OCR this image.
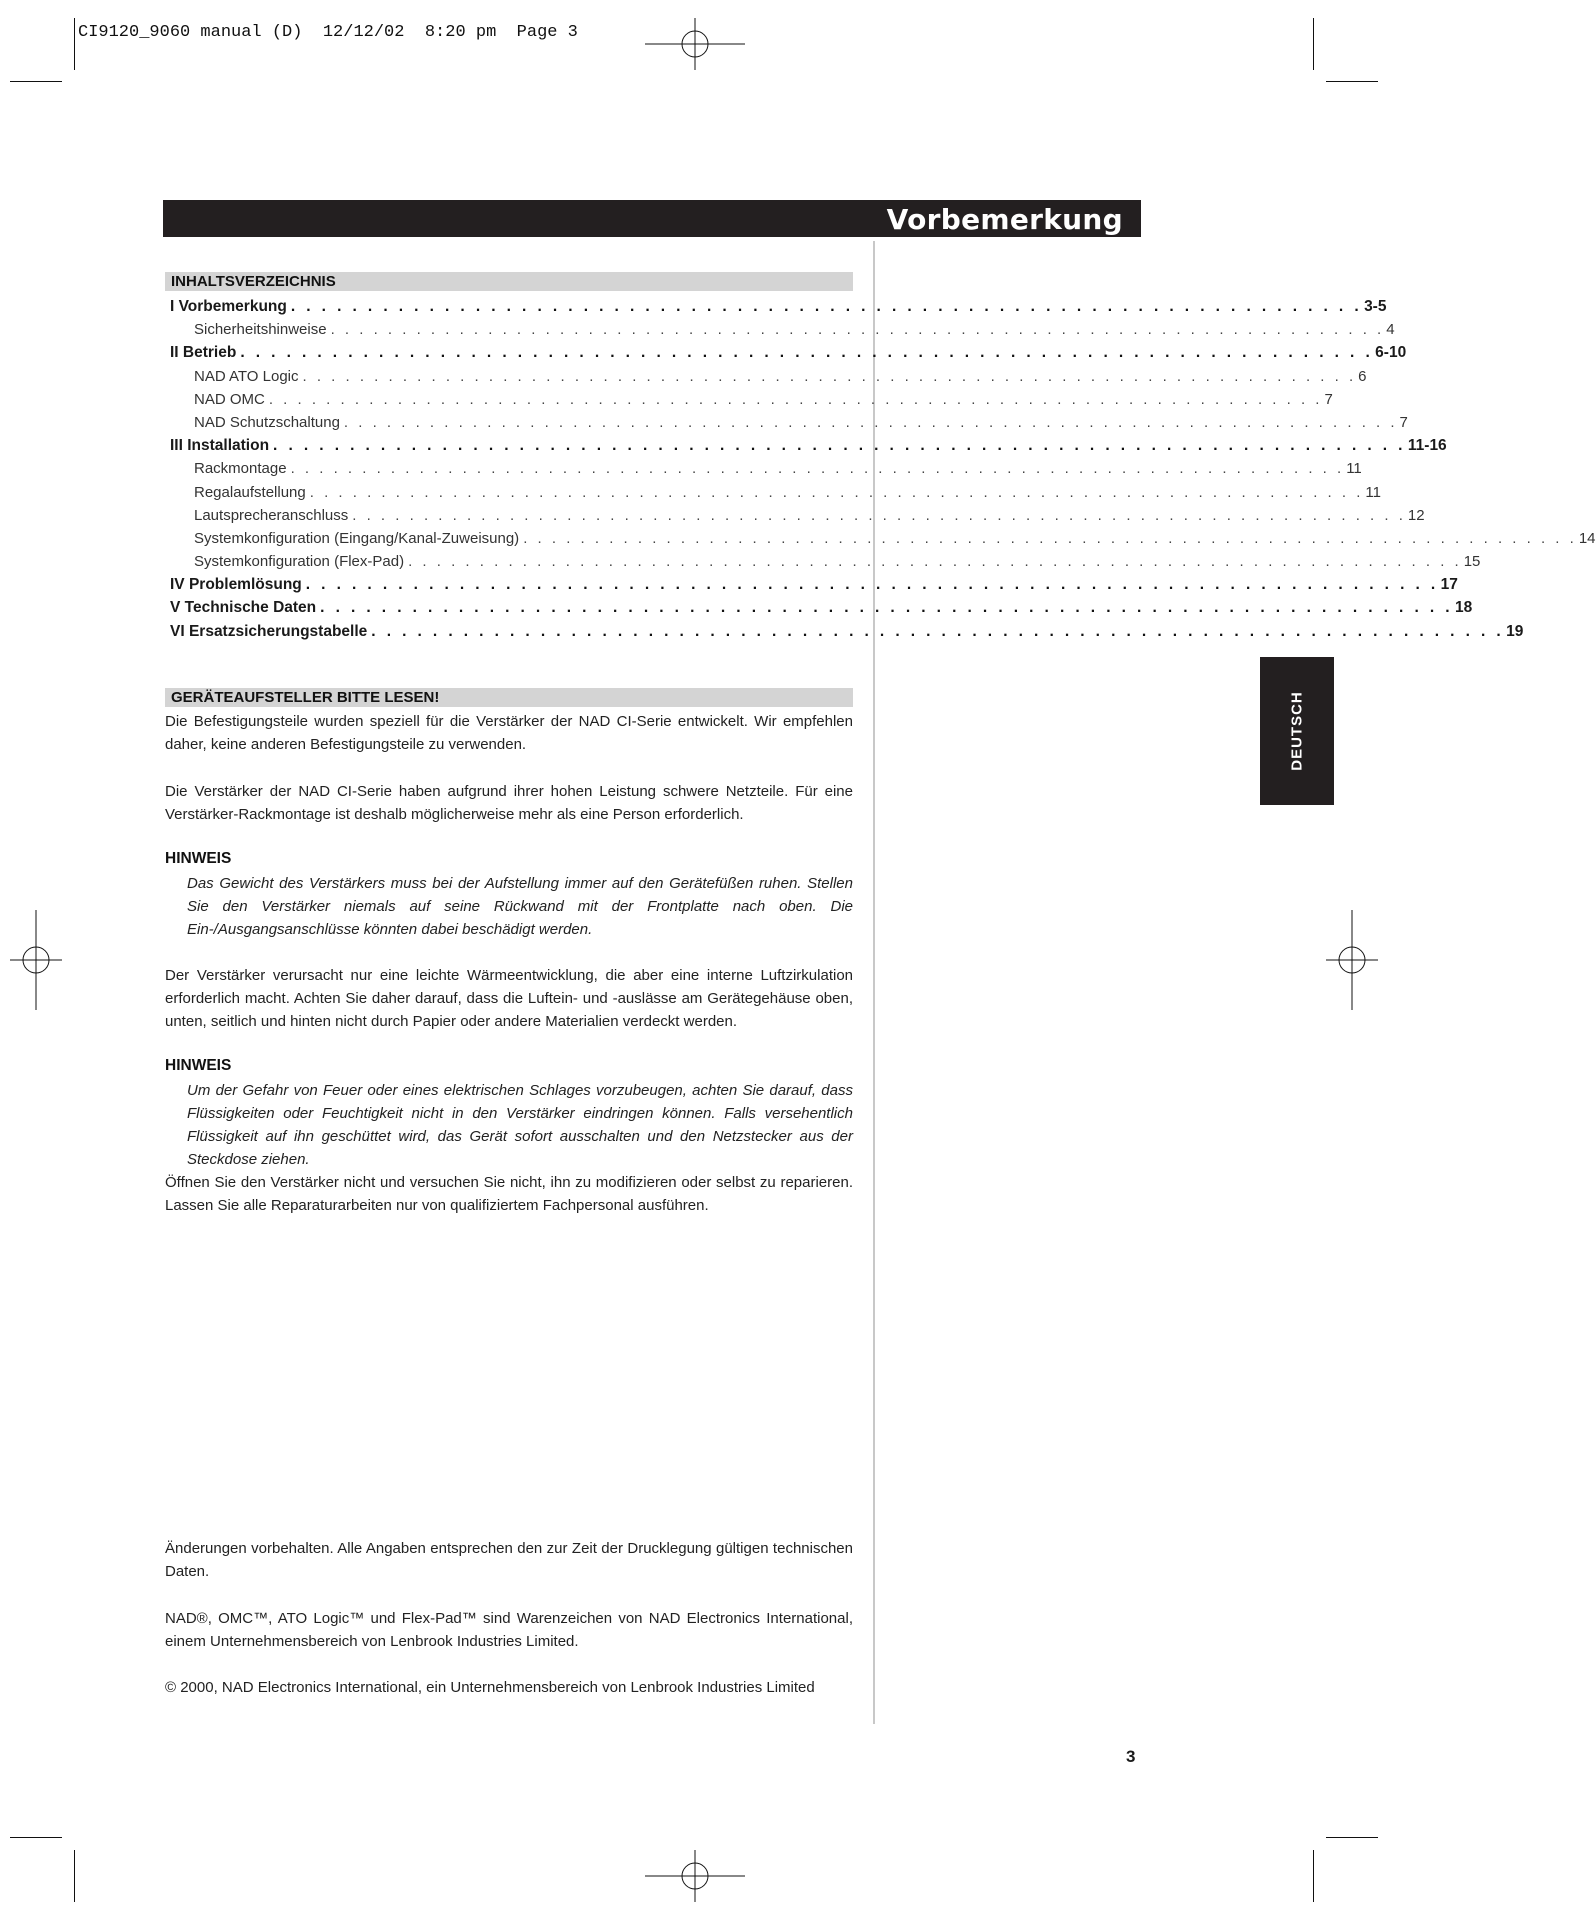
CI9120_9060 manual (D)  12/12/02  8:20 pm  Page 3
Vorbemerkung
INHALTSVERZEICHNIS
I Vorbemerkung . . . . . . . . . . . . . . . . . . . . . . . . . . . . . . . . . . . . . . . . . . . . . . . . . . . . . . . . . . . . . . . . . . . . . . 3-5
Sicherheitshinweise . . . . . . . . . . . . . . . . . . . . . . . . . . . . . . . . . . . . . . . . . . . . . . . . . . . . . . . . . . . . . . . . . . . . . . . . . . 4
II Betrieb . . . . . . . . . . . . . . . . . . . . . . . . . . . . . . . . . . . . . . . . . . . . . . . . . . . . . . . . . . . . . . . . . . . . . . . . . . 6-10
NAD ATO Logic . . . . . . . . . . . . . . . . . . . . . . . . . . . . . . . . . . . . . . . . . . . . . . . . . . . . . . . . . . . . . . . . . . . . . . . . . . 6
NAD OMC . . . . . . . . . . . . . . . . . . . . . . . . . . . . . . . . . . . . . . . . . . . . . . . . . . . . . . . . . . . . . . . . . . . . . . . . . . 7
NAD Schutzschaltung . . . . . . . . . . . . . . . . . . . . . . . . . . . . . . . . . . . . . . . . . . . . . . . . . . . . . . . . . . . . . . . . . . . . . . . . . . 7
III Installation . . . . . . . . . . . . . . . . . . . . . . . . . . . . . . . . . . . . . . . . . . . . . . . . . . . . . . . . . . . . . . . . . . . . . . . . . . 11-16
Rackmontage . . . . . . . . . . . . . . . . . . . . . . . . . . . . . . . . . . . . . . . . . . . . . . . . . . . . . . . . . . . . . . . . . . . . . . . . . . 11
Regalaufstellung . . . . . . . . . . . . . . . . . . . . . . . . . . . . . . . . . . . . . . . . . . . . . . . . . . . . . . . . . . . . . . . . . . . . . . . . . . 11
Lautsprecheranschluss . . . . . . . . . . . . . . . . . . . . . . . . . . . . . . . . . . . . . . . . . . . . . . . . . . . . . . . . . . . . . . . . . . . . . . . . . . 12
Systemkonfiguration (Eingang/Kanal-Zuweisung) . . . . . . . . . . . . . . . . . . . . . . . . . . . . . . . . . . . . . . . . . . . . . . . . . . . . . . . . . . . . . . . . . . . . . . . . . . 14
Systemkonfiguration (Flex-Pad) . . . . . . . . . . . . . . . . . . . . . . . . . . . . . . . . . . . . . . . . . . . . . . . . . . . . . . . . . . . . . . . . . . . . . . . . . . 15
IV Problemlösung . . . . . . . . . . . . . . . . . . . . . . . . . . . . . . . . . . . . . . . . . . . . . . . . . . . . . . . . . . . . . . . . . . . . . . . . . . 17
V Technische Daten . . . . . . . . . . . . . . . . . . . . . . . . . . . . . . . . . . . . . . . . . . . . . . . . . . . . . . . . . . . . . . . . . . . . . . . . . . 18
VI Ersatzsicherungstabelle . . . . . . . . . . . . . . . . . . . . . . . . . . . . . . . . . . . . . . . . . . . . . . . . . . . . . . . . . . . . . . . . . . . . . . . . . . 19
GERÄTEAUFSTELLER BITTE LESEN!

Die Befestigungsteile wurden speziell für die Verstärker der NAD CI-Serie entwickelt. Wir empfehlen daher, keine anderen Befestigungsteile zu verwenden.

Die Verstärker der NAD CI-Serie haben aufgrund ihrer hohen Leistung schwere Netzteile. Für eine Verstärker-Rackmontage ist deshalb möglicherweise mehr als eine Person erforderlich.

HINWEIS

Das Gewicht des Verstärkers muss bei der Aufstellung immer auf den Gerätefüßen ruhen. Stellen Sie den Verstärker niemals auf seine Rückwand mit der Frontplatte nach oben. Die Ein-/Ausgangsanschlüsse könnten dabei beschädigt werden.

Der Verstärker verursacht nur eine leichte Wärmeentwicklung, die aber eine interne Luftzirkulation erforderlich macht. Achten Sie daher darauf, dass die Luftein- und -auslässe am Gerätegehäuse oben, unten, seitlich und hinten nicht durch Papier oder andere Materialien verdeckt werden.

HINWEIS

Um der Gefahr von Feuer oder eines elektrischen Schlages vorzubeugen, achten Sie darauf, dass Flüssigkeiten oder Feuchtigkeit nicht in den Verstärker eindringen können. Falls versehentlich Flüssigkeit auf ihn geschüttet wird, das Gerät sofort ausschalten und den Netzstecker aus der Steckdose ziehen.

Öffnen Sie den Verstärker nicht und versuchen Sie nicht, ihn zu modifizieren oder selbst zu reparieren. Lassen Sie alle Reparaturarbeiten nur von qualifiziertem Fachpersonal ausführen.

Änderungen vorbehalten. Alle Angaben entsprechen den zur Zeit der Drucklegung gültigen technischen Daten.

NAD®, OMC™, ATO Logic™ und Flex-Pad™ sind Warenzeichen von NAD Electronics International, einem Unternehmensbereich von Lenbrook Industries Limited.

© 2000, NAD Electronics International, ein Unternehmensbereich von Lenbrook Industries Limited

DEUTSCH
3
